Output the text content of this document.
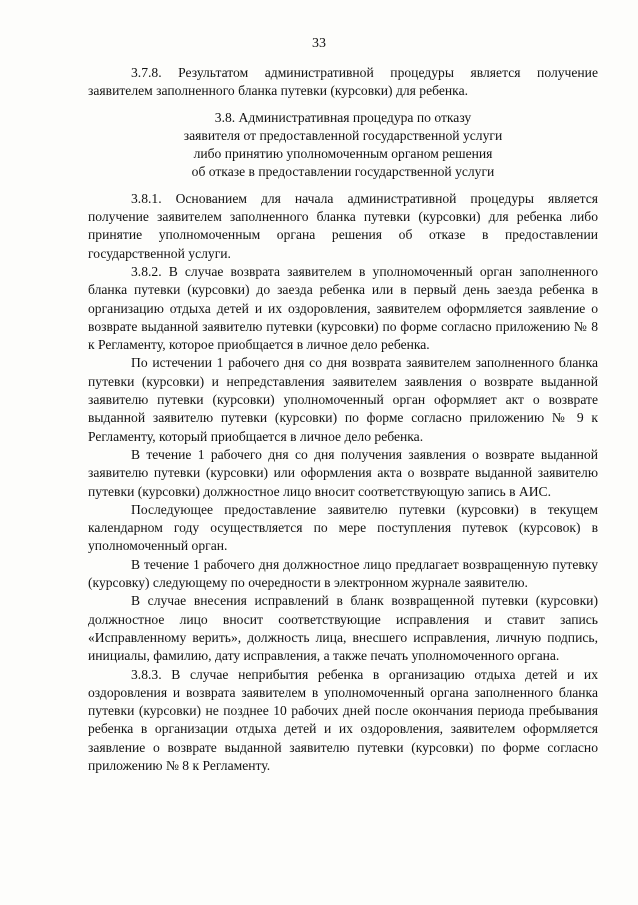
33

3.7.8. Результатом административной процедуры является получение заявителем заполненного бланка путевки (курсовки) для ребенка.

3.8. Административная процедура по отказу
заявителя от предоставленной государственной услуги
либо принятию уполномоченным органом решения
об отказе в предоставлении государственной услуги

3.8.1. Основанием для начала административной процедуры является получение заявителем заполненного бланка путевки (курсовки) для ребенка либо принятие уполномоченным органа решения об отказе в предоставлении государственной услуги.

3.8.2. В случае возврата заявителем в уполномоченный орган заполненного бланка путевки (курсовки) до заезда ребенка или в первый день заезда ребенка в организацию отдыха детей и их оздоровления, заявителем оформляется заявление о возврате выданной заявителю путевки (курсовки) по форме согласно приложению № 8 к Регламенту, которое приобщается в личное дело ребенка.

По истечении 1 рабочего дня со дня возврата заявителем заполненного бланка путевки (курсовки) и непредставления заявителем заявления о возврате выданной заявителю путевки (курсовки) уполномоченный орган оформляет акт о возврате выданной заявителю путевки (курсовки) по форме согласно приложению № 9 к Регламенту, который приобщается в личное дело ребенка.

В течение 1 рабочего дня со дня получения заявления о возврате выданной заявителю путевки (курсовки) или оформления акта о возврате выданной заявителю путевки (курсовки) должностное лицо вносит соответствующую запись в АИС.

Последующее предоставление заявителю путевки (курсовки) в текущем календарном году осуществляется по мере поступления путевок (курсовок) в уполномоченный орган.

В течение 1 рабочего дня должностное лицо предлагает возвращенную путевку (курсовку) следующему по очередности в электронном журнале заявителю.

В случае внесения исправлений в бланк возвращенной путевки (курсовки) должностное лицо вносит соответствующие исправления и ставит запись «Исправленному верить», должность лица, внесшего исправления, личную подпись, инициалы, фамилию, дату исправления, а также печать уполномоченного органа.

3.8.3. В случае неприбытия ребенка в организацию отдыха детей и их оздоровления и возврата заявителем в уполномоченный органа заполненного бланка путевки (курсовки) не позднее 10 рабочих дней после окончания периода пребывания ребенка в организации отдыха детей и их оздоровления, заявителем оформляется заявление о возврате выданной заявителю путевки (курсовки) по форме согласно приложению № 8 к Регламенту.
